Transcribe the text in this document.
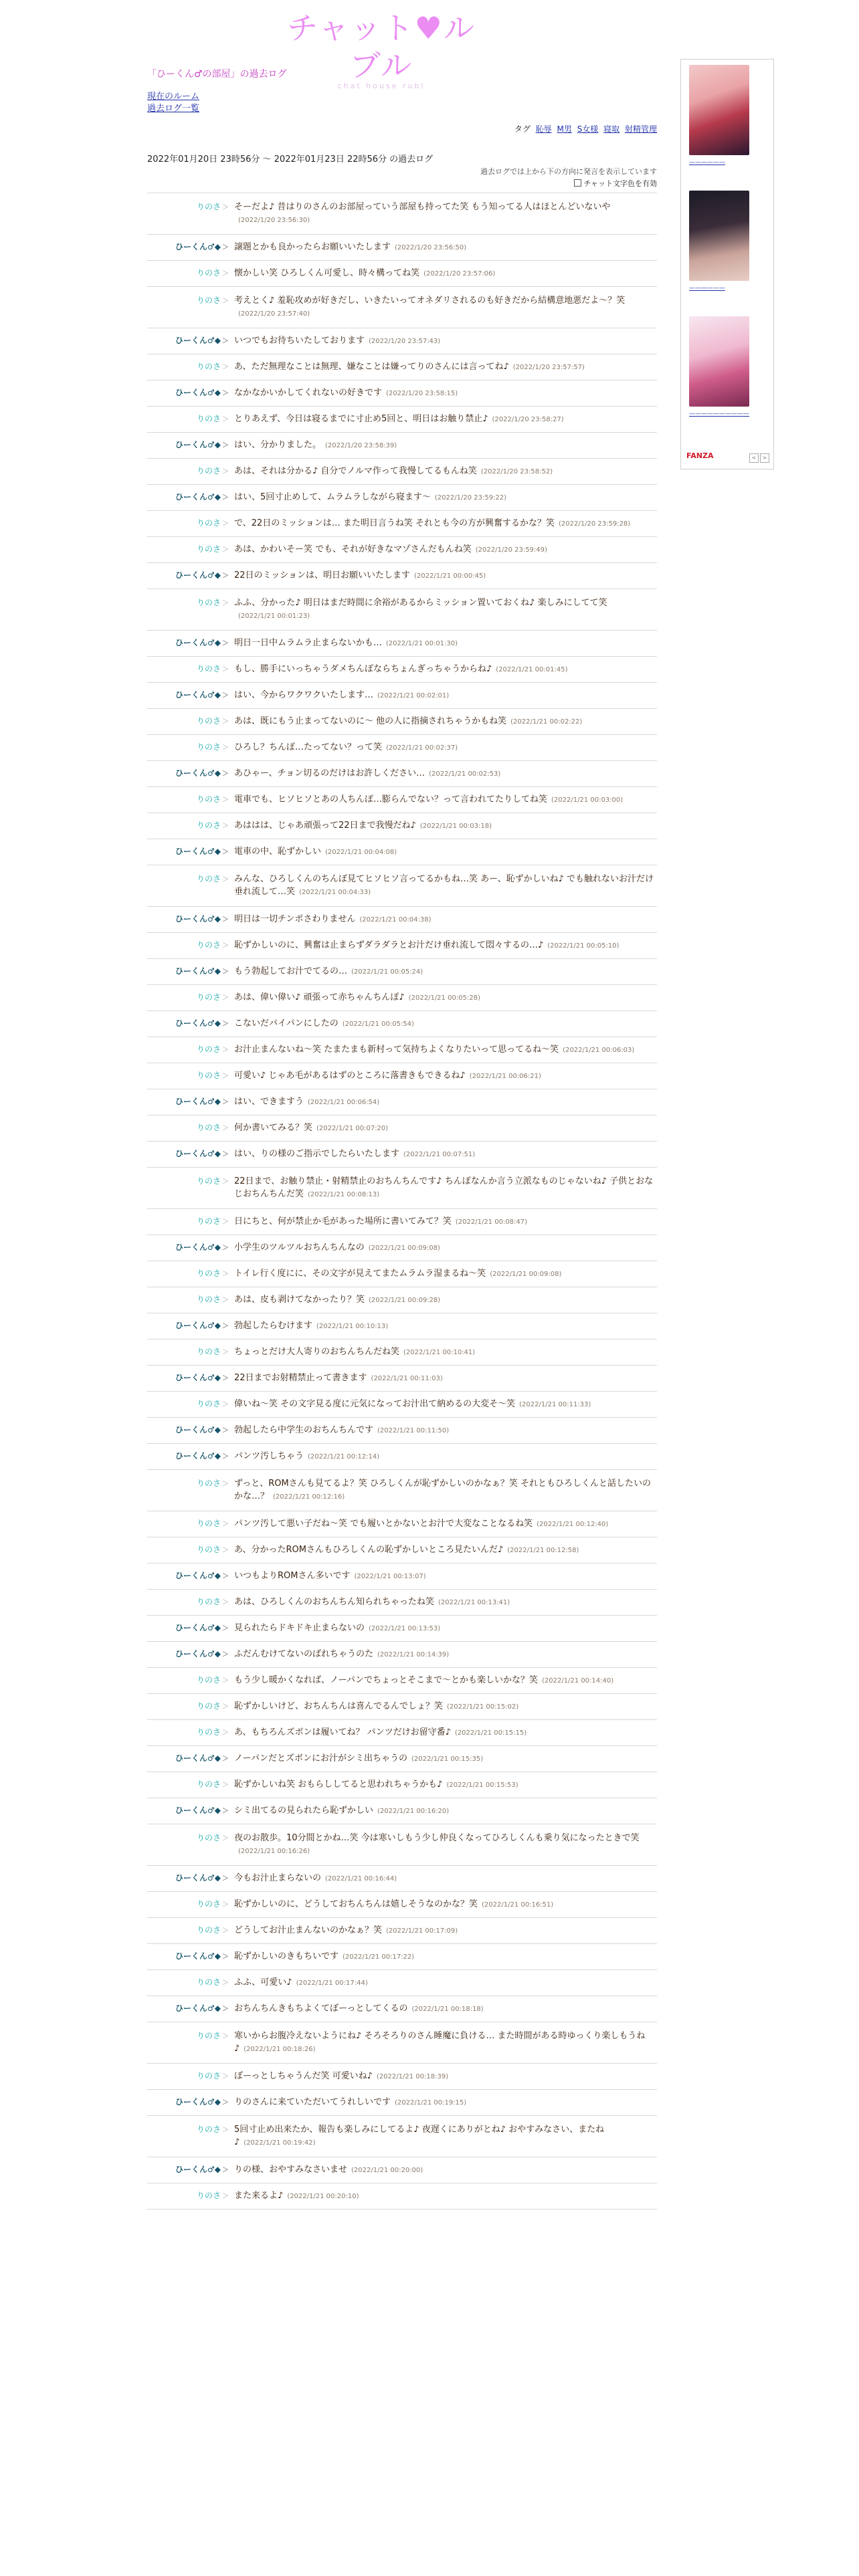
チャット♥ルブル
chat house rubl
「ひーくん♂の部屋」の過去ログ
現在のルーム
過去ログ一覧
タグ 恥辱 M男 S女様 寝取 射精管理
2022年01月20日 23時56分 ～ 2022年01月23日 22時56分 の過去ログ
過去ログでは上から下の方向に発言を表示しています
チャット文字色を有効
りのさ ＞ そーだよ♪ 昔はりのさんのお部屋っていう部屋も持ってた笑 もう知ってる人はほとんどいないや(2022/1/20 23:56:30)
ひーくん♂◆ ＞ 譲題とかも良かったらお願いいたします (2022/1/20 23:56:50)
りのさ ＞ 懐かしい笑 ひろしくん可愛し、時々構ってね笑 (2022/1/20 23:57:06)
りのさ ＞ 考えとく♪ 羞恥攻めが好きだし、いきたいってオネダリされるのも好きだから結構意地悪だよ〜？笑(2022/1/20 23:57:40)
ひーくん♂◆ ＞ いつでもお待ちいたしております (2022/1/20 23:57:43)
りのさ ＞ あ、ただ無理なことは無理、嫌なことは嫌ってりのさんには言ってね♪ (2022/1/20 23:57:57)
ひーくん♂◆ ＞ なかなかいかしてくれないの好きです (2022/1/20 23:58:15)
りのさ ＞ とりあえず、今日は寝るまでに寸止め5回と、明日はお触り禁止♪ (2022/1/20 23:58:27)
ひーくん♂◆ ＞ はい、分かりました。 (2022/1/20 23:58:39)
りのさ ＞ あは、それは分かる♪ 自分でノルマ作って我慢してるもんね笑 (2022/1/20 23:58:52)
ひーくん♂◆ ＞ はい、5回寸止めして、ムラムラしながら寝ます〜 (2022/1/20 23:59:22)
りのさ ＞ で、22日のミッションは… また明日言うね笑 それとも今の方が興奮するかな？笑 (2022/1/20 23:59:28)
りのさ ＞ あは、かわいそー笑 でも、それが好きなマゾさんだもんね笑 (2022/1/20 23:59:49)
ひーくん♂◆ ＞ 22日のミッションは、明日お願いいたします (2022/1/21 00:00:45)
りのさ ＞ ふふ、分かった♪ 明日はまだ時間に余裕があるからミッション置いておくね♪ 楽しみにしてて笑(2022/1/21 00:01:23)
ひーくん♂◆ ＞ 明日一日中ムラムラ止まらないかも… (2022/1/21 00:01:30)
りのさ ＞ もし、勝手にいっちゃうダメちんぽならちょんぎっちゃうからね♪ (2022/1/21 00:01:45)
ひーくん♂◆ ＞ はい、今からワクワクいたします… (2022/1/21 00:02:01)
りのさ ＞ あは、既にもう止まってないのに〜 他の人に指摘されちゃうかもね笑 (2022/1/21 00:02:22)
りのさ ＞ ひろし？ちんぽ…たってない？って笑 (2022/1/21 00:02:37)
ひーくん♂◆ ＞ あひゃー、チョン切るのだけはお許しください… (2022/1/21 00:02:53)
りのさ ＞ 電車でも、ヒソヒソとあの人ちんぽ…膨らんでない？って言われてたりしてね笑 (2022/1/21 00:03:00)
りのさ ＞ あははは、じゃあ頑張って22日まで我慢だね♪ (2022/1/21 00:03:18)
ひーくん♂◆ ＞ 電車の中、恥ずかしい (2022/1/21 00:04:08)
りのさ ＞ みんな、ひろしくんのちんぽ見てヒソヒソ言ってるかもね…笑 あー、恥ずかしいね♪ でも触れないお汁だけ垂れ流して…笑 (2022/1/21 00:04:33)
ひーくん♂◆ ＞ 明日は一切チンポさわりません (2022/1/21 00:04:38)
りのさ ＞ 恥ずかしいのに、興奮は止まらずダラダラとお汁だけ垂れ流して悶々するの…♪ (2022/1/21 00:05:10)
ひーくん♂◆ ＞ もう勃起してお汁でてるの… (2022/1/21 00:05:24)
りのさ ＞ あは、偉い偉い♪ 頑張って赤ちゃんちんぽ♪ (2022/1/21 00:05:28)
ひーくん♂◆ ＞ こないだパイパンにしたの (2022/1/21 00:05:54)
りのさ ＞ お汁止まんないね〜笑 たまたまも新村って気持ちよくなりたいって思ってるね〜笑 (2022/1/21 00:06:03)
りのさ ＞ 可愛い♪ じゃあ毛があるはずのところに落書きもできるね♪ (2022/1/21 00:06:21)
ひーくん♂◆ ＞ はい、できますう (2022/1/21 00:06:54)
りのさ ＞ 何か書いてみる？笑 (2022/1/21 00:07:20)
ひーくん♂◆ ＞ はい、りの様のご指示でしたらいたします (2022/1/21 00:07:51)
りのさ ＞ 22日まで、お触り禁止・射精禁止のおちんちんです♪ ちんぽなんか言う立派なものじゃないね♪ 子供とおなじおちんちんだ笑 (2022/1/21 00:08:13)
りのさ ＞ 日にちと、何が禁止か毛があった場所に書いてみて？笑 (2022/1/21 00:08:47)
ひーくん♂◆ ＞ 小学生のツルツルおちんちんなの (2022/1/21 00:09:08)
りのさ ＞ トイレ行く度にに、その文字が見えてまたムラムラ湿まるね〜笑 (2022/1/21 00:09:08)
りのさ ＞ あは、皮も剥けてなかったり？笑 (2022/1/21 00:09:28)
ひーくん♂◆ ＞ 勃起したらむけます (2022/1/21 00:10:13)
りのさ ＞ ちょっとだけ大人寄りのおちんちんだね笑 (2022/1/21 00:10:41)
ひーくん♂◆ ＞ 22日までお射精禁止って書きます (2022/1/21 00:11:03)
りのさ ＞ 偉いね〜笑 その文字見る度に元気になってお汁出て納めるの大変そ〜笑 (2022/1/21 00:11:33)
ひーくん♂◆ ＞ 勃起したら中学生のおちんちんです (2022/1/21 00:11:50)
ひーくん♂◆ ＞ パンツ汚しちゃう (2022/1/21 00:12:14)
りのさ ＞ ずっと、ROMさんも見てるよ？笑 ひろしくんが恥ずかしいのかなぁ？笑 それともひろしくんと話したいのかな…？ (2022/1/21 00:12:16)
りのさ ＞ パンツ汚して悪い子だね〜笑 でも履いとかないとお汁で大変なことなるね笑 (2022/1/21 00:12:40)
りのさ ＞ あ、分かったROMさんもひろしくんの恥ずかしいところ見たいんだ♪ (2022/1/21 00:12:58)
ひーくん♂◆ ＞ いつもよりROMさん多いです (2022/1/21 00:13:07)
りのさ ＞ あは、ひろしくんのおちんちん知られちゃったね笑 (2022/1/21 00:13:41)
ひーくん♂◆ ＞ 見られたらドキドキ止まらないの (2022/1/21 00:13:53)
ひーくん♂◆ ＞ ふだんむけてないのばれちゃうのた (2022/1/21 00:14:39)
りのさ ＞ もう少し暖かくなれば、ノーパンでちょっとそこまで〜とかも楽しいかな？笑 (2022/1/21 00:14:40)
りのさ ＞ 恥ずかしいけど、おちんちんは喜んでるんでしょ？笑 (2022/1/21 00:15:02)
りのさ ＞ あ、もちろんズボンは履いてね？ パンツだけお留守番♪ (2022/1/21 00:15:15)
ひーくん♂◆ ＞ ノーパンだとズボンにお汁がシミ出ちゃうの (2022/1/21 00:15:35)
りのさ ＞ 恥ずかしいね笑 おもらししてると思われちゃうかも♪ (2022/1/21 00:15:53)
ひーくん♂◆ ＞ シミ出てるの見られたら恥ずかしい (2022/1/21 00:16:20)
りのさ ＞ 夜のお散歩。10分間とかね…笑 今は寒いしもう少し仲良くなってひろしくんも乗り気になったときで笑(2022/1/21 00:16:26)
ひーくん♂◆ ＞ 今もお汁止まらないの (2022/1/21 00:16:44)
りのさ ＞ 恥ずかしいのに、どうしておちんちんは嬉しそうなのかな？笑 (2022/1/21 00:16:51)
りのさ ＞ どうしてお汁止まんないのかなぁ？笑 (2022/1/21 00:17:09)
ひーくん♂◆ ＞ 恥ずかしいのきもちいです (2022/1/21 00:17:22)
りのさ ＞ ふふ、可愛い♪ (2022/1/21 00:17:44)
ひーくん♂◆ ＞ おちんちんきもちよくてぼーっとしてくるの (2022/1/21 00:18:18)
りのさ ＞ 寒いからお腹冷えないようにね♪ そろそろりのさん睡魔に負ける… また時間がある時ゆっくり楽しもうね♪ (2022/1/21 00:18:26)
りのさ ＞ ぼーっとしちゃうんだ笑 可愛いね♪ (2022/1/21 00:18:39)
ひーくん♂◆ ＞ りのさんに来ていただいてうれしいです (2022/1/21 00:19:15)
りのさ ＞ 5回寸止め出来たか、報告も楽しみにしてるよ♪ 夜遅くにありがとね♪ おやすみなさい、またね♪ (2022/1/21 00:19:42)
ひーくん♂◆ ＞ りの様、おやすみなさいませ (2022/1/21 00:20:00)
りのさ ＞ また来るよ♪ (2022/1/21 00:20:10)
——————
——————
——————————
FANZA	< >
